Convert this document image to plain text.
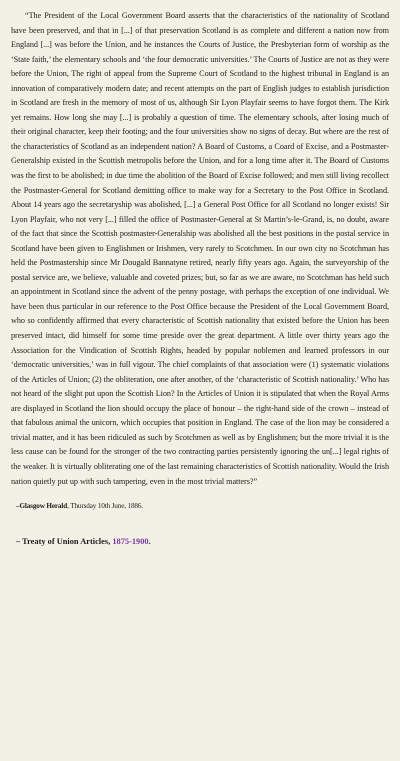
“The President of the Local Government Board asserts that the characteristics of the nationality of Scotland have been preserved, and that in [...] of that preservation Scotland is as complete and different a nation now from England [...] was before the Union, and he instances the Courts of Justice, the Presbyterian form of worship as the ‘State faith,’ the elementary schools and ‘the four democratic universities.’ The Courts of Justice are not as they were before the Union, The right of appeal from the Supreme Court of Scotland to the highest tribunal in England is an innovation of comparatively modern date; and recent attempts on the part of English judges to establish jurisdiction in Scotland are fresh in the memory of most of us, although Sir Lyon Playfair seems to have forgot them. The Kirk yet remains. How long she may [...] is probably a question of time. The elementary schools, after losing much of their original character, keep their footing; and the four universities show no signs of decay. But where are the rest of the characteristics of Scotland as an independent nation? A Board of Customs, a Coard of Excise, and a Postmaster-Generalship existed in the Scottish metropolis before the Union, and for a long time after it. The Board of Customs was the first to be abolished; in due time the abolition of the Board of Excise followed; and men still living recollect the Postmaster-General for Scotland demitting office to make way for a Secretary to the Post Office in Scotland. About 14 years ago the secretaryship was abolished, [...] a General Post Office for all Scotland no longer exists! Sir Lyon Playfair, who not very [...] filled the office of Postmaster-General at St Martin’s-le-Grand, is, no doubt, aware of the fact that since the Scottish postmaster-Generalship was abolished all the best positions in the postal service in Scotland have been given to Englishmen or Irishmen, very rarely to Scotchmen. In our own city no Scotchman has held the Postmastership since Mr Dougald Bannatyne retired, nearly fifty years ago. Again, the surveyorship of the postal service are, we believe, valuable and coveted prizes; but, so far as we are aware, no Scotchman has held such an appointment in Scotland since the advent of the penny postage, with perhaps the exception of one individual. We have been thus particular in our reference to the Post Office because the President of the Local Government Board, who so confidently affirmed that every characteristic of Scottish nationality that existed before the Union has been preserved intact, did himself for some time preside over the great department. A little over thirty years ago the Association for the Vindication of Scottish Rights, headed by popular noblemen and learned professors in our ‘democratic universities,’ was in full vigour. The chief complaints of that association were (1) systematic violations of the Articles of Union; (2) the obliteration, one after another, of the ‘characteristic of Scottish nationality.’ Who has not heard of the slight put upon the Scottish Lion? In the Articles of Union it is stipulated that when the Royal Arms are displayed in Scotland the lion should occupy the place of honour – the right-hand side of the crown – instead of that fabulous animal the unicorn, which occupies that position in England. The case of the lion may be considered a trivial matter, and it has been ridiculed as such by Scotchmen as well as by Englishmen; but the more trivial it is the less cause can be found for the stronger of the two contracting parties persistently ignoring the un[...] legal rights of the weaker. It is virtually obliterating one of the last remaining characteristics of Scottish nationality. Would the Irish nation quietly put up with such tampering, even in the most trivial matters?”

–Glasgow Herald, Thursday 10th June, 1886.
– Treaty of Union Articles, 1875-1900.
